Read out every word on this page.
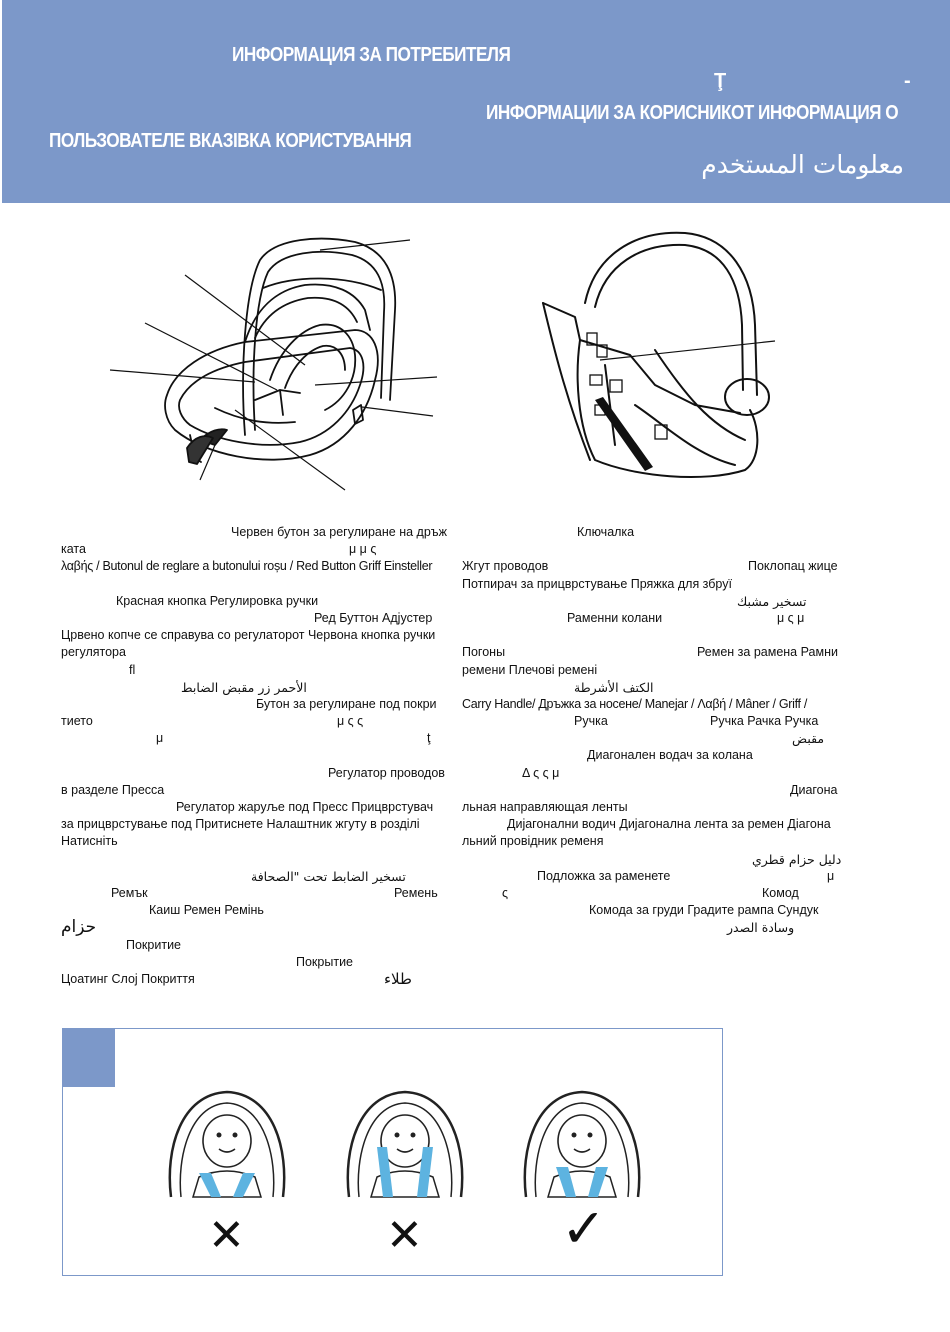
ИНФОРМАЦИЯ ЗА ПОТРЕБИТЕЛЯ
Ţ	-
ИНФОРМАЦИИ ЗА КОРИСНИКОТ ИНФОРМАЦИЯ О
ПОЛЬЗОВАТЕЛЕ ВКАЗІВКА КОРИСТУВАННЯ
معلومات المستخدم
Червен бутон за регулиране на дръж
ката	μ μ ς
λαβής / Butonul de reglare a butonului roșu / Red Button Griff Einsteller
Красная кнопка Регулировка ручки
Ред Буттон Адјустер
Црвено копче се справува со регулаторот Червона кнопка ручки
регулятора
fl
الأحمر زر مقبض الضابط
Бутон за регулиране под покри
тието	μ ς ς
μ	ţ
Регулатор проводов
в разделе Пресса
Регулатор жаруље под Пресс Прицврстувач
за прицврстување под Притиснете Налаштник жгуту в розділі
Натисніть
تسخير الضابط تحت "الصحافة
Ремък	Ремень
Каиш Ремен Ремінь
حزام
Покритие
Покрытие
Цоатинг Слој Покриття	طلاء
Ключалка
Жгут проводов	Поклопац жице
Потпирач за прицврстување Пряжка для збруї
تسخير مشبك
Раменни колани	μ ς μ
Погоны	Ремен за рамена Рамни
ремени Плечові ремені
الكتف الأشرطة
Carry Handle/ Дръжка за носене/ Manejar / Λαβή / Mâner / Griff /
Ручка	Ручка Рачка Ручка
مقبض
Диагонален водач за колана
Δ ς ς μ
Диагона
льная направляющая ленты
Дијагонални водич Дијагонална лента за ремен Діагона
льний провідник ременя
دليل حزام قطري
Подложка за раменете	μ
ς	Комод
Комода за груди Градите рампа Сундук
وسادة الصدر
✕	✕	✓
